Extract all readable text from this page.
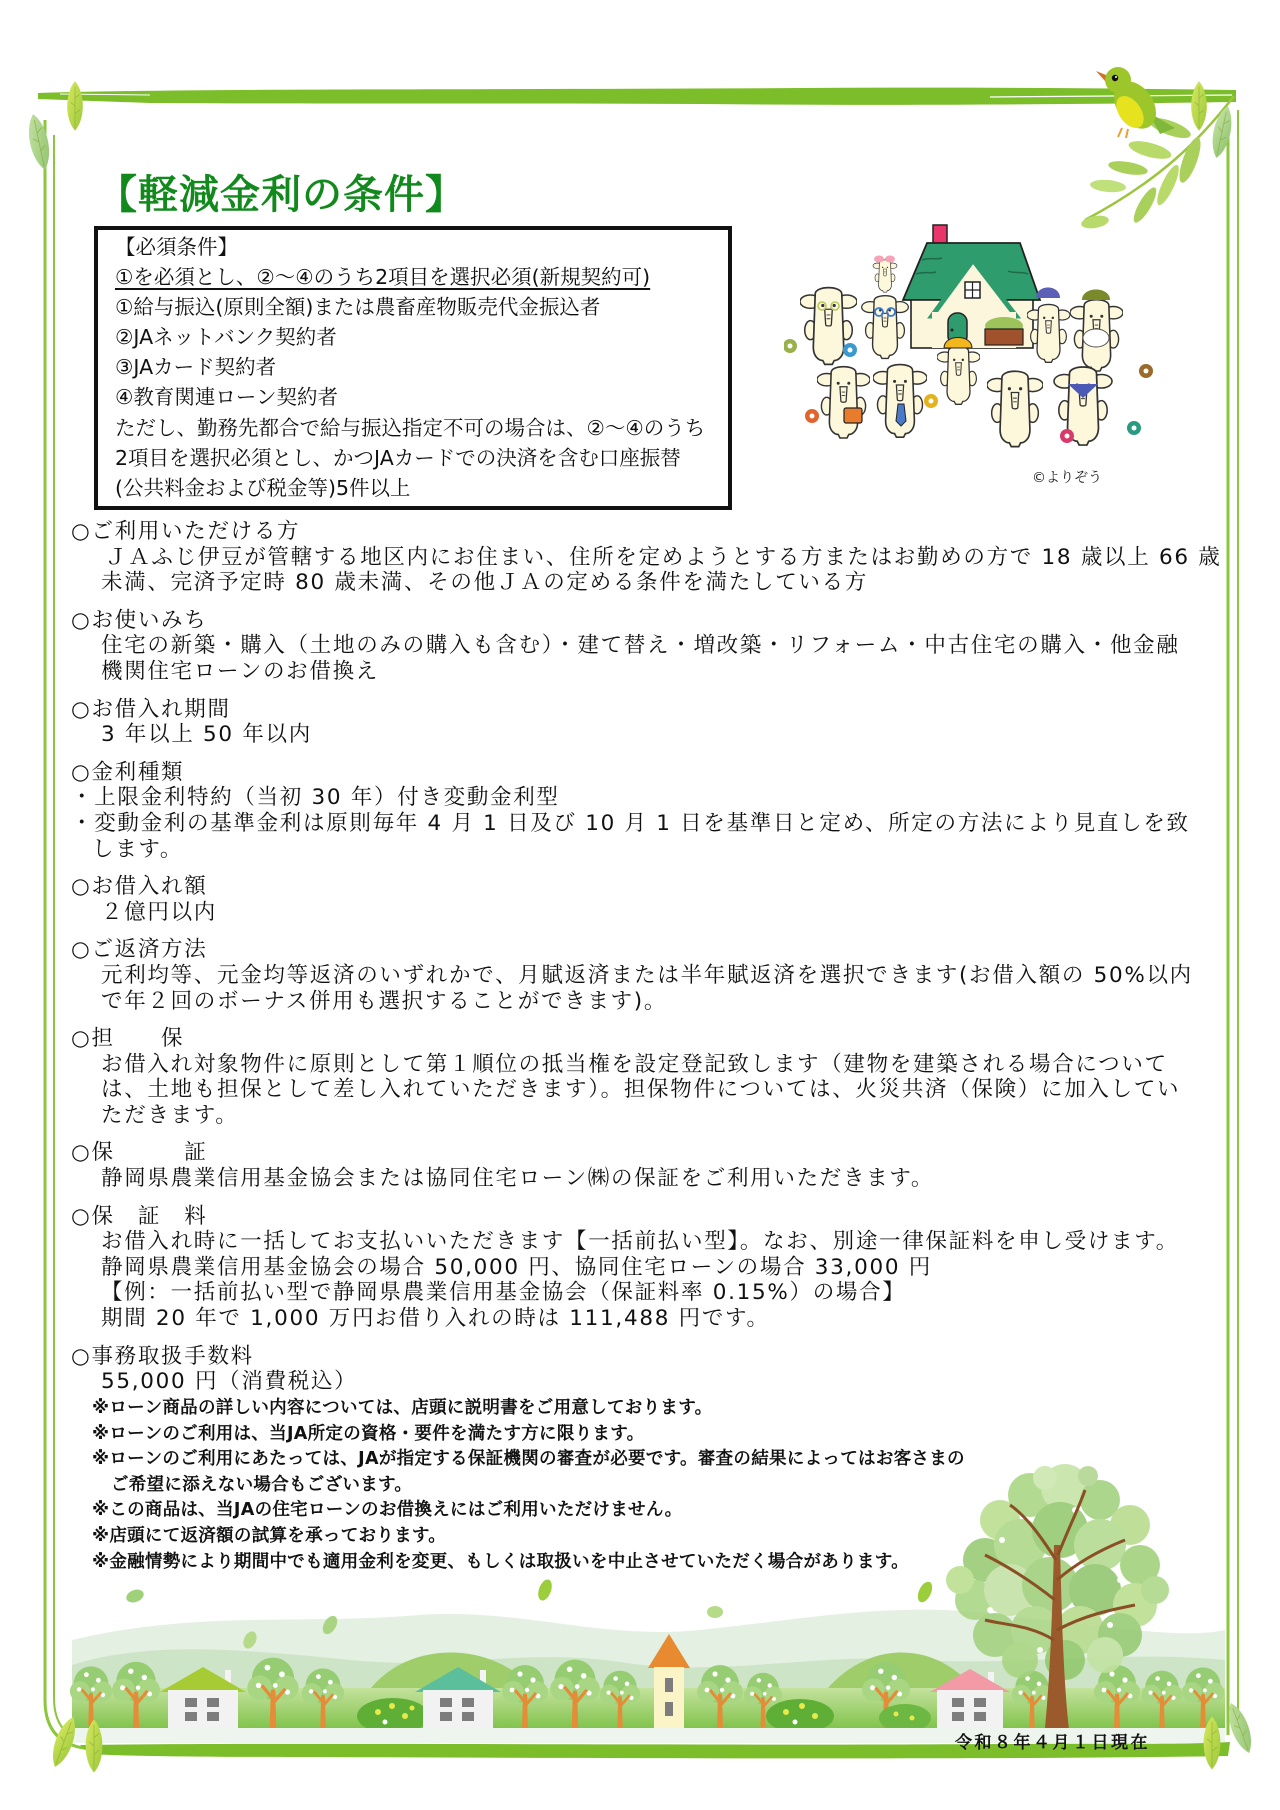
【軽減金利の条件】
【必須条件】
①を必須とし、②～④のうち2項目を選択必須(新規契約可)
①給与振込(原則全額)または農畜産物販売代金振込者
②JAネットバンク契約者
③JAカード契約者
④教育関連ローン契約者
ただし、勤務先都合で給与振込指定不可の場合は、②～④のうち
2項目を選択必須とし、かつJAカードでの決済を含む口座振替
(公共料金および税金等)5件以上	©よりぞう
○ご利用いただける方
ＪＡふじ伊豆が管轄する地区内にお住まい、住所を定めようとする方またはお勤めの方で 18 歳以上 66 歳
未満、完済予定時 80 歳未満、その他ＪＡの定める条件を満たしている方
○お使いみち
住宅の新築・購入（土地のみの購入も含む）・建て替え・増改築・リフォーム・中古住宅の購入・他金融
機関住宅ローンのお借換え
○お借入れ期間
3 年以上 50 年以内
○金利種類
・上限金利特約（当初 30 年）付き変動金利型
・変動金利の基準金利は原則毎年 4 月 1 日及び 10 月 1 日を基準日と定め、所定の方法により見直しを致
します。
○お借入れ額
２億円以内
○ご返済方法
元利均等、元金均等返済のいずれかで、月賦返済または半年賦返済を選択できます(お借入額の 50%以内
で年２回のボーナス併用も選択することができます)。
○担　　保
お借入れ対象物件に原則として第１順位の抵当権を設定登記致します（建物を建築される場合について
は、土地も担保として差し入れていただきます）。担保物件については、火災共済（保険）に加入してい
ただきます。
○保　　　証
静岡県農業信用基金協会または協同住宅ローン㈱の保証をご利用いただきます。
○保　証　料
お借入れ時に一括してお支払いいただきます【一括前払い型】。なお、別途一律保証料を申し受けます。
静岡県農業信用基金協会の場合 50,000 円、協同住宅ローンの場合 33,000 円
【例：一括前払い型で静岡県農業信用基金協会（保証料率 0.15%）の場合】
期間 20 年で 1,000 万円お借り入れの時は 111,488 円です。
○事務取扱手数料
55,000 円（消費税込）
※ローン商品の詳しい内容については、店頭に説明書をご用意しております。
※ローンのご利用は、当JA所定の資格・要件を満たす方に限ります。
※ローンのご利用にあたっては、JAが指定する保証機関の審査が必要です。審査の結果によってはお客さまの
ご希望に添えない場合もございます。
※この商品は、当JAの住宅ローンのお借換えにはご利用いただけません。
※店頭にて返済額の試算を承っております。
※金融情勢により期間中でも適用金利を変更、もしくは取扱いを中止させていただく場合があります。
令和８年４月１日現在
